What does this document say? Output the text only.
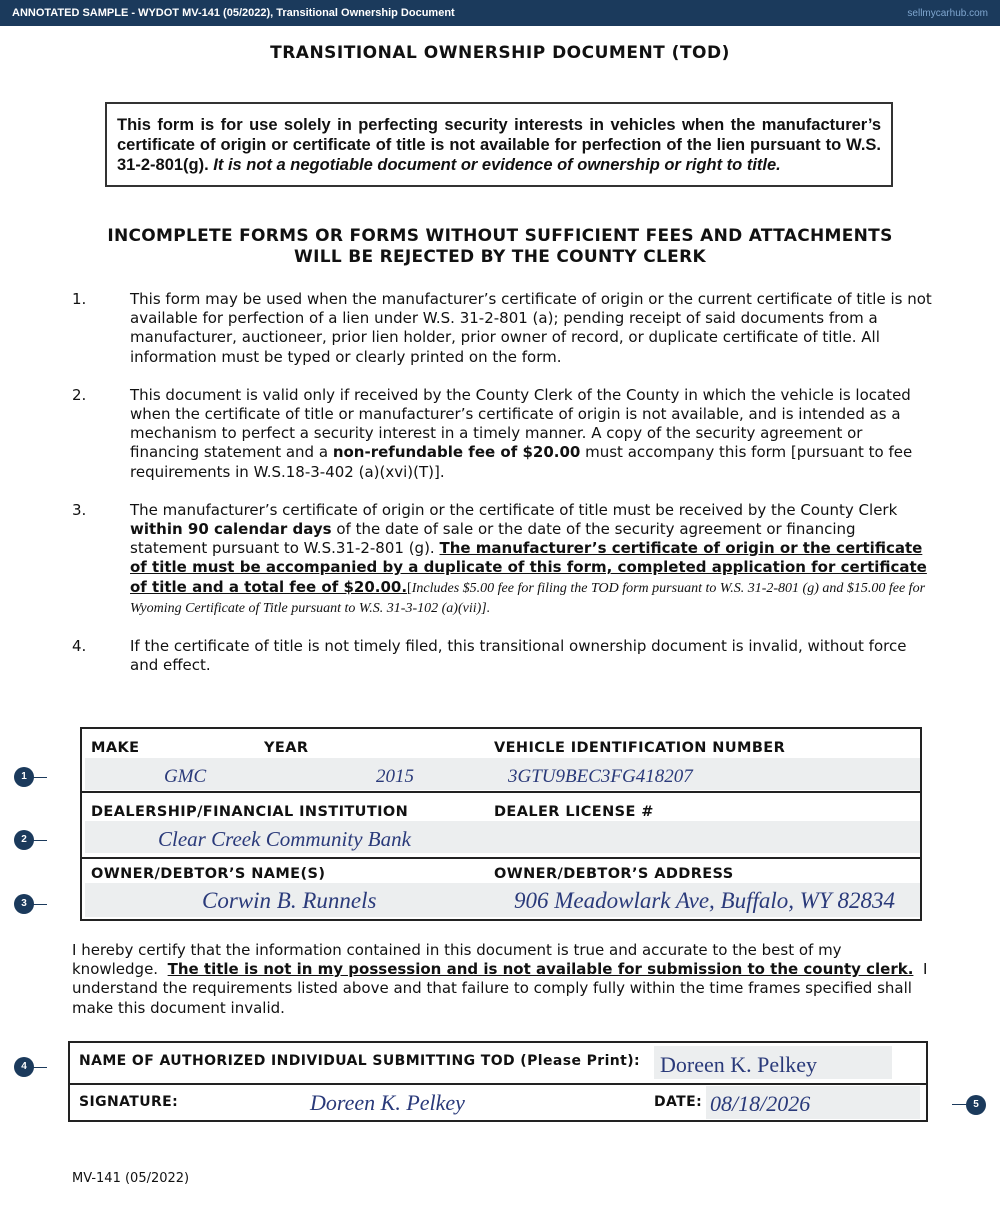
ANNOTATED SAMPLE - WYDOT MV-141 (05/2022), Transitional Ownership Document	sellmycarhub.com
TRANSITIONAL OWNERSHIP DOCUMENT (TOD)
This form is for use solely in perfecting security interests in vehicles when the manufacturer’s certificate of origin or certificate of title is not available for perfection of the lien pursuant to W.S. 31-2-801(g). It is not a negotiable document or evidence of ownership or right to title.
INCOMPLETE FORMS OR FORMS WITHOUT SUFFICIENT FEES AND ATTACHMENTS
WILL BE REJECTED BY THE COUNTY CLERK
1.	This form may be used when the manufacturer’s certificate of origin or the current certificate of title is not available for perfection of a lien under W.S. 31-2-801 (a); pending receipt of said documents from a manufacturer, auctioneer, prior lien holder, prior owner of record, or duplicate certificate of title. All information must be typed or clearly printed on the form.
2.	This document is valid only if received by the County Clerk of the County in which the vehicle is located when the certificate of title or manufacturer’s certificate of origin is not available, and is intended as a mechanism to perfect a security interest in a timely manner. A copy of the security agreement or financing statement and a non-refundable fee of $20.00 must accompany this form [pursuant to fee requirements in W.S.18-3-402 (a)(xvi)(T)].
3.	The manufacturer’s certificate of origin or the certificate of title must be received by the County Clerk within 90 calendar days of the date of sale or the date of the security agreement or financing statement pursuant to W.S.31-2-801 (g). The manufacturer’s certificate of origin or the certificate of title must be accompanied by a duplicate of this form, completed application for certificate of title and a total fee of $20.00.[Includes $5.00 fee for filing the TOD form pursuant to W.S. 31-2-801 (g) and $15.00 fee for Wyoming Certificate of Title pursuant to W.S. 31-3-102 (a)(vii)].
4.	If the certificate of title is not timely filed, this transitional ownership document is invalid, without force and effect.
MAKE	YEAR	VEHICLE IDENTIFICATION NUMBER
GMC	2015	3GTU9BEC3FG418207
DEALERSHIP/FINANCIAL INSTITUTION	DEALER LICENSE #
Clear Creek Community Bank
OWNER/DEBTOR’S NAME(S)	OWNER/DEBTOR’S ADDRESS
Corwin B. Runnels	906 Meadowlark Ave, Buffalo, WY 82834
1
2
3
I hereby certify that the information contained in this document is true and accurate to the best of my knowledge. The title is not in my possession and is not available for submission to the county clerk. I understand the requirements listed above and that failure to comply fully within the time frames specified shall make this document invalid.
NAME OF AUTHORIZED INDIVIDUAL SUBMITTING TOD (Please Print): Doreen K. Pelkey
SIGNATURE:	Doreen K. Pelkey	DATE: 08/18/2026
4
5
MV-141 (05/2022)
